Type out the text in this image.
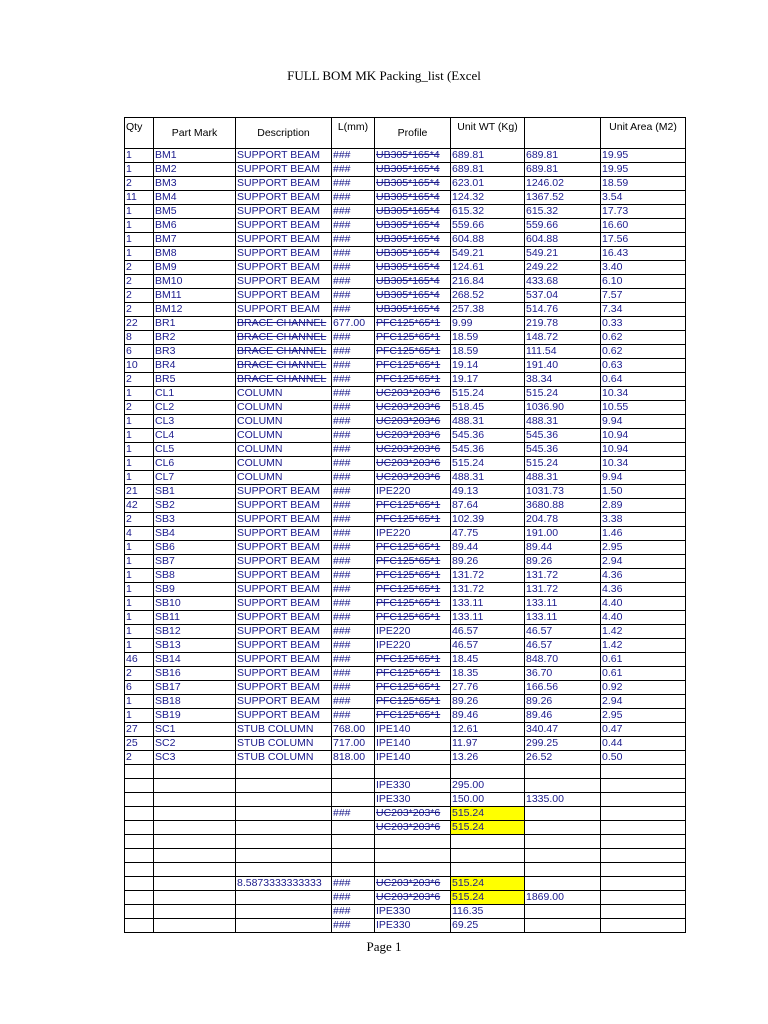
FULL BOM MK Packing_list (Excel
Qty	Part Mark	Description	L(mm)	Profile	Unit WT (Kg)		Unit Area (M2)
1	BM1	SUPPORT BEAM	###	UB305*165*4	689.81	689.81	19.95
1	BM2	SUPPORT BEAM	###	UB305*165*4	689.81	689.81	19.95
2	BM3	SUPPORT BEAM	###	UB305*165*4	623.01	1246.02	18.59
11	BM4	SUPPORT BEAM	###	UB305*165*4	124.32	1367.52	3.54
1	BM5	SUPPORT BEAM	###	UB305*165*4	615.32	615.32	17.73
1	BM6	SUPPORT BEAM	###	UB305*165*4	559.66	559.66	16.60
1	BM7	SUPPORT BEAM	###	UB305*165*4	604.88	604.88	17.56
1	BM8	SUPPORT BEAM	###	UB305*165*4	549.21	549.21	16.43
2	BM9	SUPPORT BEAM	###	UB305*165*4	124.61	249.22	3.40
2	BM10	SUPPORT BEAM	###	UB305*165*4	216.84	433.68	6.10
2	BM11	SUPPORT BEAM	###	UB305*165*4	268.52	537.04	7.57
2	BM12	SUPPORT BEAM	###	UB305*165*4	257.38	514.76	7.34
22	BR1	BRACE CHANNEL	677.00	PFC125*65*1	9.99	219.78	0.33
8	BR2	BRACE CHANNEL	###	PFC125*65*1	18.59	148.72	0.62
6	BR3	BRACE CHANNEL	###	PFC125*65*1	18.59	111.54	0.62
10	BR4	BRACE CHANNEL	###	PFC125*65*1	19.14	191.40	0.63
2	BR5	BRACE CHANNEL	###	PFC125*65*1	19.17	38.34	0.64
1	CL1	COLUMN	###	UC203*203*6	515.24	515.24	10.34
2	CL2	COLUMN	###	UC203*203*6	518.45	1036.90	10.55
1	CL3	COLUMN	###	UC203*203*6	488.31	488.31	9.94
1	CL4	COLUMN	###	UC203*203*6	545.36	545.36	10.94
1	CL5	COLUMN	###	UC203*203*6	545.36	545.36	10.94
1	CL6	COLUMN	###	UC203*203*6	515.24	515.24	10.34
1	CL7	COLUMN	###	UC203*203*6	488.31	488.31	9.94
21	SB1	SUPPORT BEAM	###	IPE220	49.13	1031.73	1.50
42	SB2	SUPPORT BEAM	###	PFC125*65*1	87.64	3680.88	2.89
2	SB3	SUPPORT BEAM	###	PFC125*65*1	102.39	204.78	3.38
4	SB4	SUPPORT BEAM	###	IPE220	47.75	191.00	1.46
1	SB6	SUPPORT BEAM	###	PFC125*65*1	89.44	89.44	2.95
1	SB7	SUPPORT BEAM	###	PFC125*65*1	89.26	89.26	2.94
1	SB8	SUPPORT BEAM	###	PFC125*65*1	131.72	131.72	4.36
1	SB9	SUPPORT BEAM	###	PFC125*65*1	131.72	131.72	4.36
1	SB10	SUPPORT BEAM	###	PFC125*65*1	133.11	133.11	4.40
1	SB11	SUPPORT BEAM	###	PFC125*65*1	133.11	133.11	4.40
1	SB12	SUPPORT BEAM	###	IPE220	46.57	46.57	1.42
1	SB13	SUPPORT BEAM	###	IPE220	46.57	46.57	1.42
46	SB14	SUPPORT BEAM	###	PFC125*65*1	18.45	848.70	0.61
2	SB16	SUPPORT BEAM	###	PFC125*65*1	18.35	36.70	0.61
6	SB17	SUPPORT BEAM	###	PFC125*65*1	27.76	166.56	0.92
1	SB18	SUPPORT BEAM	###	PFC125*65*1	89.26	89.26	2.94
1	SB19	SUPPORT BEAM	###	PFC125*65*1	89.46	89.46	2.95
27	SC1	STUB COLUMN	768.00	IPE140	12.61	340.47	0.47
25	SC2	STUB COLUMN	717.00	IPE140	11.97	299.25	0.44
2	SC3	STUB COLUMN	818.00	IPE140	13.26	26.52	0.50

				IPE330	295.00		
				IPE330	150.00	1335.00	
			###	UC203*203*6	515.24		
				UC203*203*6	515.24		

		8.5873333333333	###	UC203*203*6	515.24		
			###	UC203*203*6	515.24	1869.00	
			###	IPE330	116.35		
			###	IPE330	69.25		
Page 1
